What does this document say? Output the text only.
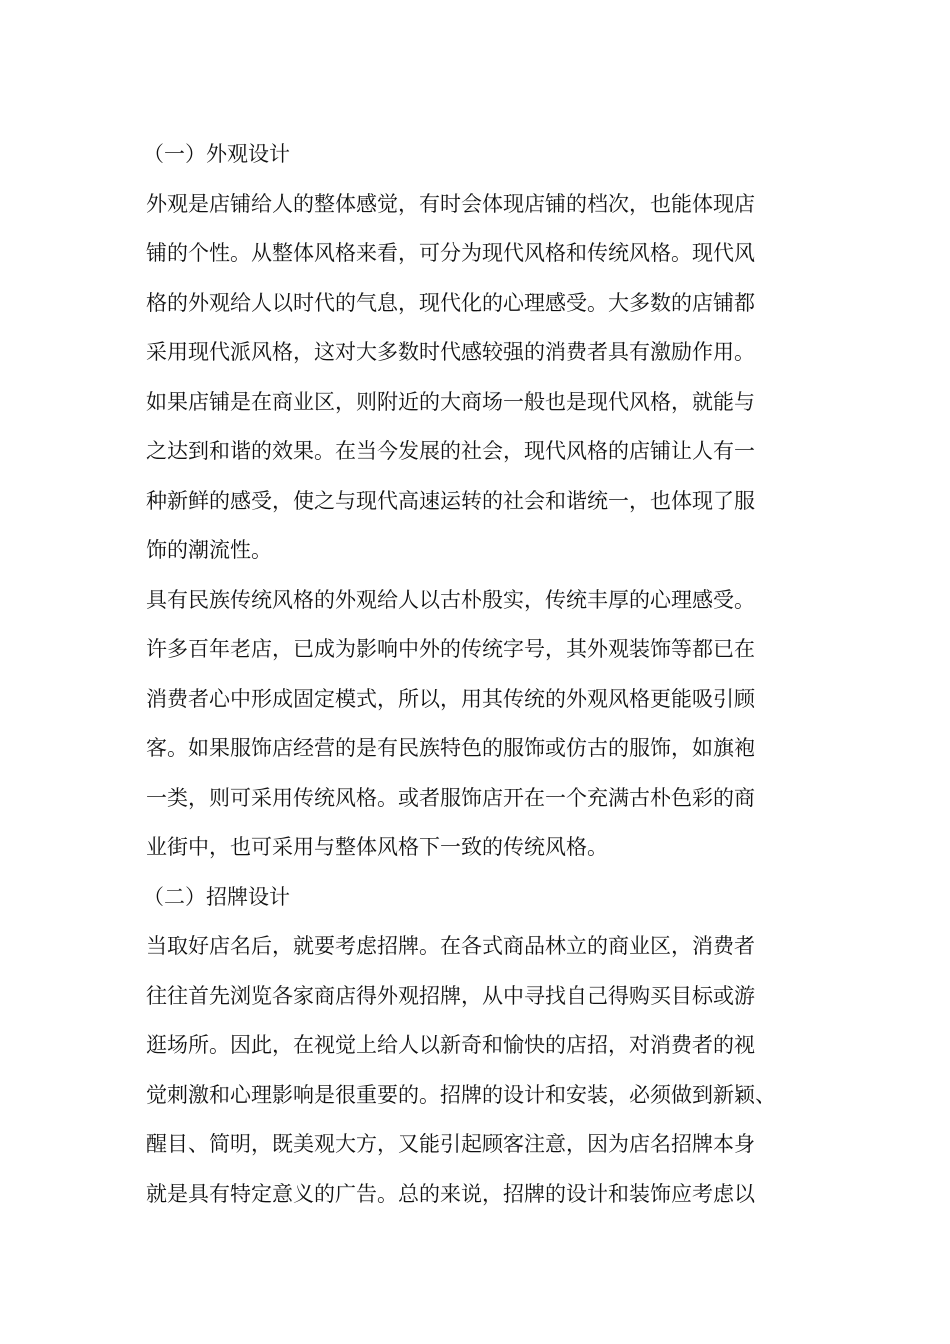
（一）外观设计
外观是店铺给人的整体感觉，有时会体现店铺的档次，也能体现店
铺的个性。从整体风格来看，可分为现代风格和传统风格。现代风
格的外观给人以时代的气息，现代化的心理感受。大多数的店铺都
采用现代派风格，这对大多数时代感较强的消费者具有激励作用。
如果店铺是在商业区，则附近的大商场一般也是现代风格，就能与
之达到和谐的效果。在当今发展的社会，现代风格的店铺让人有一
种新鲜的感受，使之与现代高速运转的社会和谐统一，也体现了服
饰的潮流性。
具有民族传统风格的外观给人以古朴殷实，传统丰厚的心理感受。
许多百年老店，已成为影响中外的传统字号，其外观装饰等都已在
消费者心中形成固定模式，所以，用其传统的外观风格更能吸引顾
客。如果服饰店经营的是有民族特色的服饰或仿古的服饰，如旗袍
一类，则可采用传统风格。或者服饰店开在一个充满古朴色彩的商
业街中，也可采用与整体风格下一致的传统风格。
（二）招牌设计
当取好店名后，就要考虑招牌。在各式商品林立的商业区，消费者
往往首先浏览各家商店得外观招牌，从中寻找自己得购买目标或游
逛场所。因此，在视觉上给人以新奇和愉快的店招，对消费者的视
觉刺激和心理影响是很重要的。招牌的设计和安装，必须做到新颖、
醒目、简明，既美观大方，又能引起顾客注意，因为店名招牌本身
就是具有特定意义的广告。总的来说，招牌的设计和装饰应考虑以
